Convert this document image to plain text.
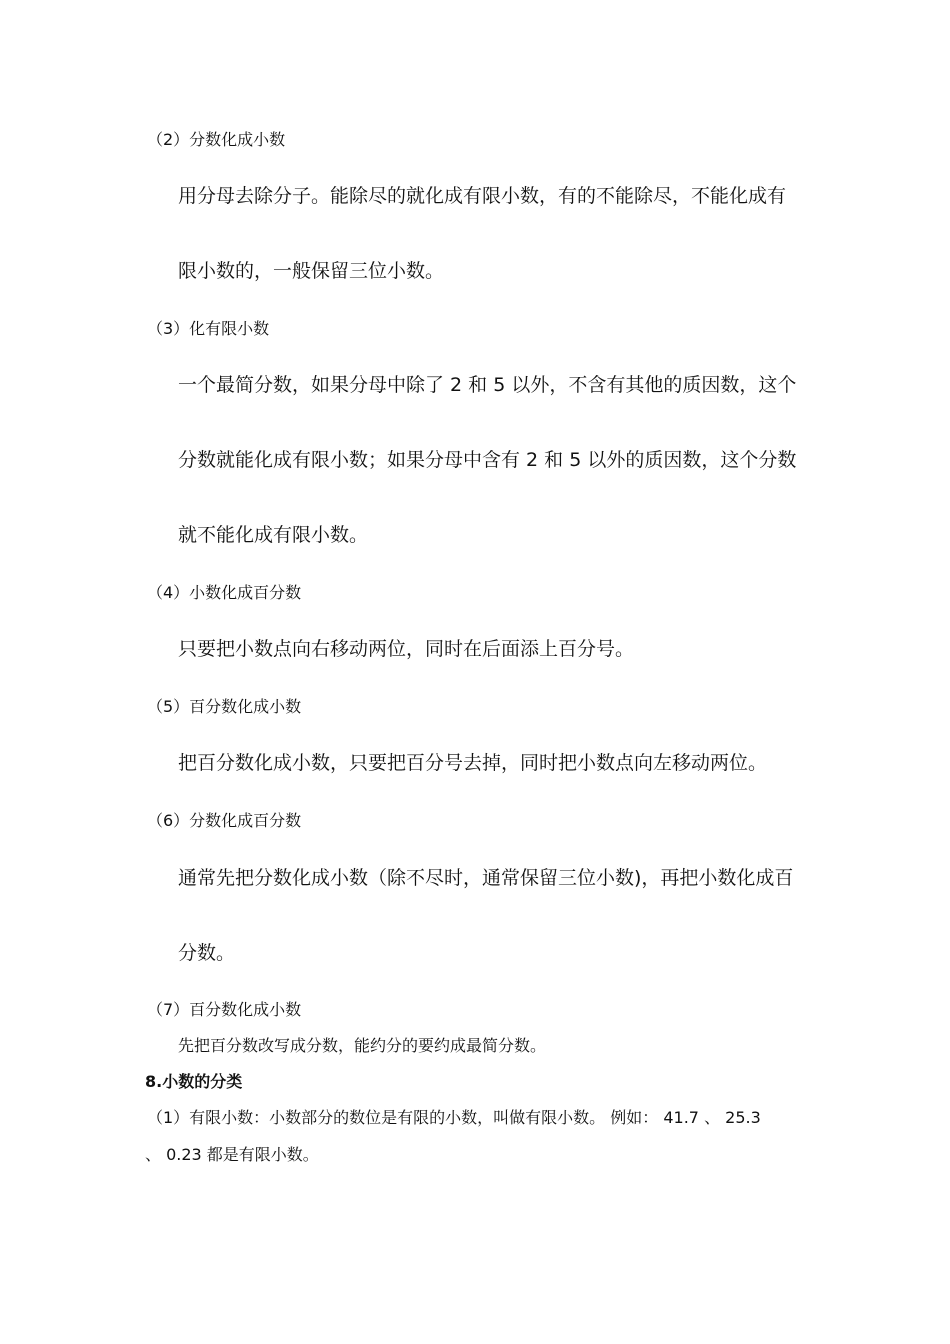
（2）分数化成小数

用分母去除分子。能除尽的就化成有限小数，有的不能除尽，不能化成有

限小数的，一般保留三位小数。

（3）化有限小数

一个最简分数，如果分母中除了 2 和 5 以外，不含有其他的质因数，这个

分数就能化成有限小数；如果分母中含有 2 和 5 以外的质因数，这个分数

就不能化成有限小数。

（4）小数化成百分数

只要把小数点向右移动两位，同时在后面添上百分号。

（5）百分数化成小数

把百分数化成小数，只要把百分号去掉，同时把小数点向左移动两位。

（6）分数化成百分数

通常先把分数化成小数（除不尽时，通常保留三位小数)，再把小数化成百

分数。

（7）百分数化成小数

先把百分数改写成分数，能约分的要约成最简分数。

8.小数的分类

（1）有限小数：小数部分的数位是有限的小数，叫做有限小数。 例如： 41.7 、 25.3

、 0.23 都是有限小数。
